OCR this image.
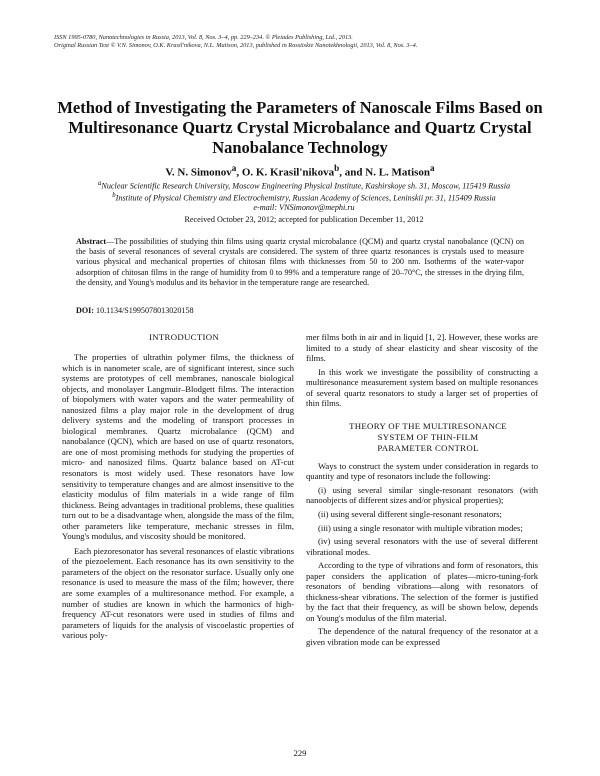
ISSN 1995-0780, Nanotechnologies in Russia, 2013, Vol. 8, Nos. 3–4, pp. 229–234. © Pleiades Publishing, Ltd., 2013.
Original Russian Text © V.N. Simonov, O.K. Krasil'nikova, N.L. Matison, 2013, published in Rossiiskie Nanotekhnologii, 2013, Vol. 8, Nos. 3–4.
Method of Investigating the Parameters of Nanoscale Films Based on Multiresonance Quartz Crystal Microbalance and Quartz Crystal Nanobalance Technology
V. N. Simonov$^a$, O. K. Krasil'nikova$^b$, and N. L. Matison$^a$
$^a$Nuclear Scientific Research University, Moscow Engineering Physical Institute, Kashirskoye sh. 31, Moscow, 115419 Russia
$^b$Institute of Physical Chemistry and Electrochemistry, Russian Academy of Sciences, Leninskii pr. 31, 115409 Russia
e-mail: VNSimonov@mephi.ru
Received October 23, 2012; accepted for publication December 11, 2012
Abstract—The possibilities of studying thin films using quartz crystal microbalance (QCM) and quartz crystal nanobalance (QCN) on the basis of several resonances of several crystals are considered. The system of three quartz resonances is crystals used to measure various physical and mechanical properties of chitosan films with thicknesses from 50 to 200 nm. Isotherms of the water-vapor adsorption of chitosan films in the range of humidity from 0 to 99% and a temperature range of 20–70°C, the stresses in the drying film, the density, and Young's modulus and its behavior in the temperature range are researched.
DOI: 10.1134/S1995078013020158

INTRODUCTION

The properties of ultrathin polymer films, the thickness of which is in nanometer scale, are of significant interest, since such systems are prototypes of cell membranes, nanoscale biological objects, and monolayer Langmuir–Blodgett films. The interaction of biopolymers with water vapors and the water permeability of nanosized films a play major role in the development of drug delivery systems and the modeling of transport processes in biological membranes. Quartz microbalance (QCM) and nanobalance (QCN), which are based on use of quartz resonators, are one of most promising methods for studying the properties of micro- and nanosized films. Quartz balance based on AT-cut resonators is most widely used. These resonators have low sensitivity to temperature changes and are almost insensitive to the elasticity modulus of film materials in a wide range of film thickness. Being advantages in traditional problems, these qualities turn out to be a disadvantage when, alongside the mass of the film, other parameters like temperature, mechanic stresses in film, Young's modulus, and viscosity should be monitored.

Each piezoresonator has several resonances of elastic vibrations of the piezoelement. Each resonance has its own sensitivity to the parameters of the object on the resonator surface. Usually only one resonance is used to measure the mass of the film; however, there are some examples of a multiresonance method. For example, a number of studies are known in which the harmonics of high-frequency AT-cut resonators were used in studies of films and parameters of liquids for the analysis of viscoelastic properties of various poly-

mer films both in air and in liquid [1, 2]. However, these works are limited to a study of shear elasticity and shear viscosity of the films.

In this work we investigate the possibility of constructing a multiresonance measurement system based on multiple resonances of several quartz resonators to study a larger set of properties of thin films.

THEORY OF THE MULTIRESONANCE

SYSTEM OF THIN-FILM

PARAMETER CONTROL

Ways to construct the system under consideration in regards to quantity and type of resonators include the following:

(i) using several similar single-resonant resonators (with nanoobjects of different sizes and/or physical properties);

(ii) using several different single-resonant resonators;

(iii) using a single resonator with multiple vibration modes;

(iv) using several resonators with the use of several different vibrational modes.

According to the type of vibrations and form of resonators, this paper considers the application of plates—micro-tuning-fork resonators of bending vibrations—along with resonators of thickness-shear vibrations. The selection of the former is justified by the fact that their frequency, as will be shown below, depends on Young's modulus of the film material.

The dependence of the natural frequency of the resonator at a given vibration mode can be expressed

229
